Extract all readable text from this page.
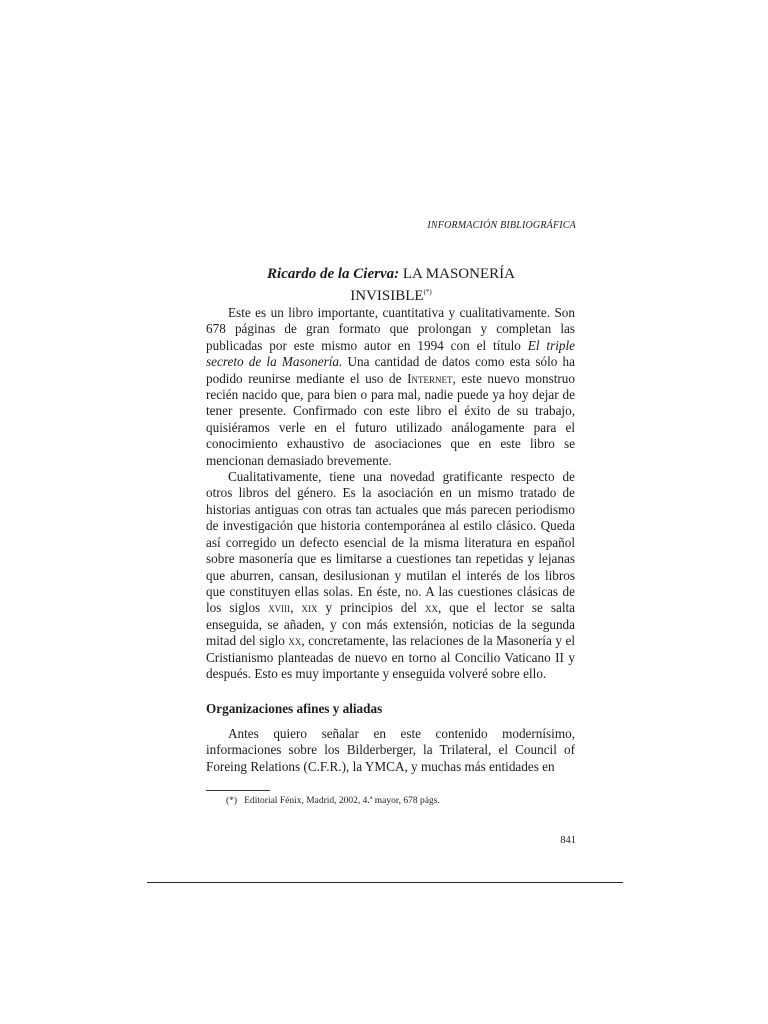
INFORMACIÓN BIBLIOGRÁFICA
Ricardo de la Cierva: LA MASONERÍA
INVISIBLE(*)

Este es un libro importante, cuantitativa y cualitativamente. Son 678 páginas de gran formato que prolongan y completan las publicadas por este mismo autor en 1994 con el título El triple secreto de la Masonería. Una cantidad de datos como esta sólo ha podido reunirse mediante el uso de Internet, este nuevo monstruo recién nacido que, para bien o para mal, nadie puede ya hoy dejar de tener presente. Confirmado con este libro el éxito de su trabajo, quisiéramos verle en el futuro utilizado análogamente para el conocimiento exhaustivo de asociaciones que en este libro se mencionan demasiado brevemente.

Cualitativamente, tiene una novedad gratificante respecto de otros libros del género. Es la asociación en un mismo tratado de historias antiguas con otras tan actuales que más parecen periodismo de investigación que historia contemporánea al estilo clásico. Queda así corregido un defecto esencial de la misma literatura en español sobre masonería que es limitarse a cuestiones tan repetidas y lejanas que aburren, cansan, desilusionan y mutilan el interés de los libros que constituyen ellas solas. En éste, no. A las cuestiones clásicas de los siglos xviii, xix y principios del xx, que el lector se salta enseguida, se añaden, y con más extensión, noticias de la segunda mitad del siglo xx, concretamente, las relaciones de la Masonería y el Cristianismo planteadas de nuevo en torno al Concilio Vaticano II y después. Esto es muy importante y enseguida volveré sobre ello.

Organizaciones afines y aliadas

Antes quiero señalar en este contenido modernísimo, informaciones sobre los Bilderberger, la Trilateral, el Council of Foreing Relations (C.F.R.), la YMCA, y muchas más entidades en

(*) Editorial Fénix, Madrid, 2002, 4.ª mayor, 678 págs.
841
